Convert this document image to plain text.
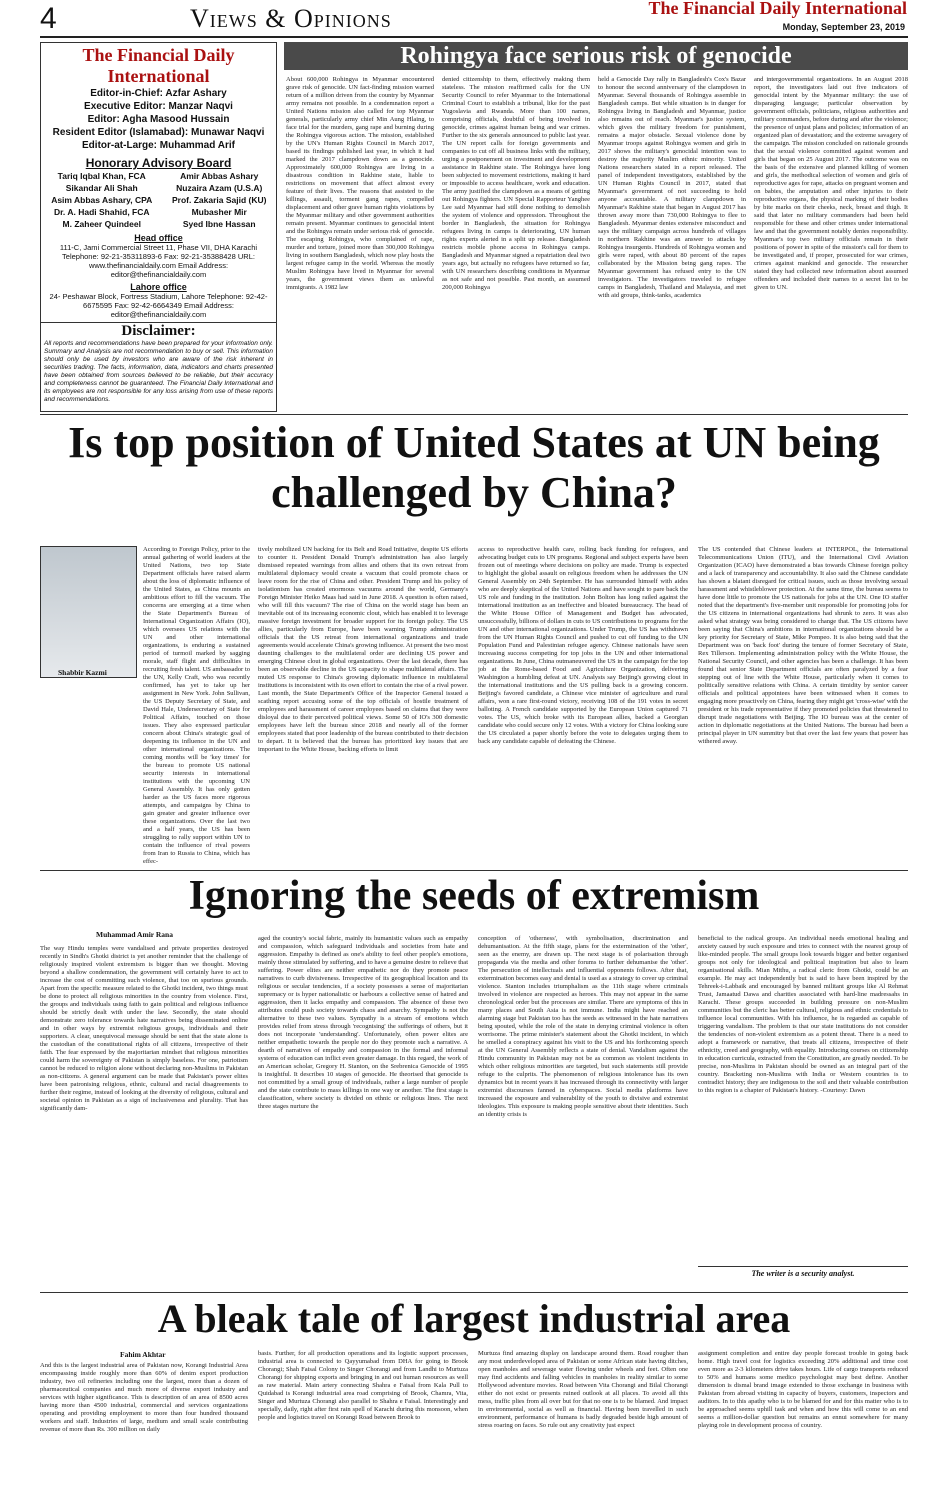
4	Views & Opinions	The Financial Daily International
Monday, September 23, 2019
The Financial Daily International
Editor-in-Chief: Azfar Ashary
Executive Editor: Manzar Naqvi
Editor: Agha Masood Hussain
Resident Editor (Islamabad): Munawar Naqvi
Editor-at-Large: Muhammad Arif
Honorary Advisory Board
Tariq Iqbal Khan, FCA	Amir Abbas Ashary
Sikandar Ali Shah	Nuzaira Azam (U.S.A)
Asim Abbas Ashary, CPA	Prof. Zakaria Sajid (KU)
Dr. A. Hadi Shahid, FCA	Mubasher Mir
M. Zaheer Quindeel	Syed Ibne Hassan
Head office
111-C, Jami Commercial Street 11, Phase VII, DHA Karachi Telephone: 92-21-35311893-6 Fax: 92-21-35388428 URL: www.thefinancialdaily.com Email Address: editor@thefinancialdaily.com
Lahore office
24- Peshawar Block, Fortress Stadium, Lahore Telephone: 92-42-6675595 Fax: 92-42-6664349 Email Address: editor@thefinancialdaily.com
Disclaimer:
All reports and recommendations have been prepared for your information only. Summary and Analysis are not recommendation to buy or sell. This information should only be used by investors who are aware of the risk inherent in securities trading. The facts, information, data, indicators and charts presented have been obtained from sources believed to be reliable, but their accuracy and completeness cannot be guaranteed. The Financial Daily International and its employees are not responsible for any loss arising from use of these reports and recommendations.
Rohingya face serious risk of genocide
About 600,000 Rohingya in Myanmar encountered grave risk of genocide. UN fact-finding mission warned return of a million driven from the country by Myanmar army remains not possible. In a condemnation report a United Nations mission also called for top Myanmar generals, particularly army chief Min Aung Hlaing, to face trial for the murders, gang rape and burning during the Rohingya vigorous action. The mission, established by the UN's Human Rights Council in March 2017, based its findings published last year, in which it had marked the 2017 clampdown down as a genocide. Approximately 600,000 Rohingya are living in a disastrous condition in Rakhine state, liable to restrictions on movement that affect almost every feature of their lives. The reasons that assisted to the killings, assault, torment gang rapes, compelled displacement and other grave human rights violations by the Myanmar military and other government authorities remain present. Myanmar continues to genocidal intent and the Rohingya remain under serious risk of genocide. The escaping Rohingya, who complained of rape, murder and torture, joined more than 300,000 Rohingya living in southern Bangladesh, which now play hosts the largest refugee camp in the world. Whereas the mostly Muslim Rohingya have lived in Myanmar for several years, the government views them as unlawful immigrants. A 1982 law
denied citizenship to them, effectively making them stateless. The mission reaffirmed calls for the UN Security Council to refer Myanmar to the International Criminal Court to establish a tribunal, like for the past Yugoslavia and Rwanda. More than 100 names, comprising officials, doubtful of being involved in genocide, crimes against human being and war crimes. Further to the six generals announced to public last year. The UN report calls for foreign governments and companies to cut off all business links with the military, urging a postponement on investment and development assistance in Rakhine state. The Rohingya have long been subjected to movement restrictions, making it hard or impossible to access healthcare, work and education. The army justified the clampdown as a means of getting out Rohingya fighters. UN Special Rapporteur Yanghee Lee said Myanmar had still done nothing to demolish the system of violence and oppression. Throughout the border in Bangladesh, the situation for Rohingya refugees living in camps is deteriorating, UN human rights experts alerted in a split up release. Bangladesh restricts mobile phone access in Rohingya camps. Bangladesh and Myanmar signed a repatriation deal two years ago, but actually no refugees have returned so far, with UN researchers describing conditions in Myanmar as not safe and not possible. Past month, an assumed 200,000 Rohingya
held a Genocide Day rally in Bangladesh's Cox's Bazar to honour the second anniversary of the clampdown in Myanmar. Several thousands of Rohingya assemble in Bangladesh camps. But while situation is in danger for Rohingya living in Bangladesh and Myanmar, justice also remains out of reach. Myanmar's justice system, which gives the military freedom for punishment, remains a major obstacle. Sexual violence done by Myanmar troops against Rohingya women and girls in 2017 shows the military's genocidal intention was to destroy the majority Muslim ethnic minority. United Nations researchers stated in a report released. The panel of independent investigators, established by the UN Human Rights Council in 2017, stated that Myanmar's government of not succeeding to hold anyone accountable. A military clampdown in Myanmar's Rakhine state that began in August 2017 has thrown away more than 730,000 Rohingya to flee to Bangladesh. Myanmar denies extensive misconduct and says the military campaign across hundreds of villages in northern Rakhine was an answer to attacks by Rohingya insurgents. Hundreds of Rohingya women and girls were raped, with about 80 percent of the rapes collaborated by the Mission being gang rapes. The Myanmar government has refused entry to the UN investigators. The investigators traveled to refugee camps in Bangladesh, Thailand and Malaysia, and met with aid groups, think-tanks, academics
and intergovernmental organizations. In an August 2018 report, the investigators laid out five indicators of genocidal intent by the Myanmar military: the use of disparaging language; particular observation by government officials, politicians, religious authorities and military commanders, before during and after the violence; the presence of unjust plans and policies; information of an organized plan of devastation; and the extreme savagery of the campaign. The mission concluded on rationale grounds that the sexual violence committed against women and girls that began on 25 August 2017. The outcome was on the basis of the extensive and planned killing of women and girls, the methodical selection of women and girls of reproductive ages for rape, attacks on pregnant women and on babies, the amputation and other injuries to their reproductive organs, the physical marking of their bodies by bite marks on their cheeks, neck, breast and thigh. It said that later no military commanders had been held responsible for these and other crimes under international law and that the government notably denies responsibility. Myanmar's top two military officials remain in their positions of power in spite of the mission's call for them to be investigated and, if proper, prosecuted for war crimes, crimes against mankind and genocide. The researcher stated they had collected new information about assumed offenders and included their names to a secret list to be given to UN.
Is top position of United States at UN being challenged by China?
Shabbir Kazmi
According to Foreign Policy, prior to the annual gathering of world leaders at the United Nations, two top State Department officials have raised alarm about the loss of diplomatic influence of the United States, as China mounts an ambitious effort to fill the vacuum. The concerns are emerging at a time when the State Department's Bureau of International Organization Affairs (IO), which oversees US relations with the UN and other international organizations, is enduring a sustained period of turmoil marked by sagging morale, staff flight and difficulties in recruiting fresh talent. US ambassador to the UN, Kelly Craft, who was recently confirmed, has yet to take up her assignment in New York. John Sullivan, the US Deputy Secretary of State, and David Hale, Undersecretary of State for Political Affairs, touched on those issues. They also expressed particular concern about China's strategic goal of deepening its influence in the UN and other international organizations. The coming months will be 'key times' for the bureau to promote US national security interests in international institutions with the upcoming UN General Assembly. It has only gotten harder as the US faces more rigorous attempts, and campaigns by China to gain greater and greater influence over these organizations. Over the last two and a half years, the US has been struggling to rally support within UN to contain the influence of rival powers from Iran to Russia to China, which has effec-
tively mobilized UN backing for its Belt and Road Initiative, despite US efforts to counter it. President Donald Trump's administration has also largely dismissed repeated warnings from allies and others that its own retreat from multilateral diplomacy would create a vacuum that could promote chaos or leave room for the rise of China and other. President Trump and his policy of isolationism has created enormous vacuums around the world, Germany's Foreign Minister Heiko Maas had said in June 2018. A question is often raised, who will fill this vacuum? The rise of China on the world stage has been an inevitable out of its increasing economic clout, which has enabled it to leverage massive foreign investment for broader support for its foreign policy. The US allies, particularly from Europe, have been warning Trump administration officials that the US retreat from international organizations and trade agreements would accelerate China's growing influence. At present the two most daunting challenges to the multilateral order are declining US power and emerging Chinese clout in global organizations. Over the last decade, there has been an observable decline in the US capacity to shape multilateral affairs. The muted US response to China's growing diplomatic influence in multilateral institutions is inconsistent with its own effort to contain the rise of a rival power. Last month, the State Department's Office of the Inspector General issued a scathing report accusing some of the top officials of hostile treatment of employees and harassment of career employees based on claims that they were disloyal due to their perceived political views. Some 50 of IO's 300 domestic employees have left the bureau since 2018 and nearly all of the former employees stated that poor leadership of the bureau contributed to their decision to depart. It is believed that the bureau has prioritized key issues that are important to the White House, backing efforts to limit
access to reproductive health care, rolling back funding for refugees, and advocating budget cuts to UN programs. Regional and subject experts have been frozen out of meetings where decisions on policy are made. Trump is expected to highlight the global assault on religious freedom when he addresses the UN General Assembly on 24th September. He has surrounded himself with aides who are deeply skeptical of the United Nations and have sought to pare back the US role and funding in the institution. John Bolton has long railed against the international institution as an ineffective and bloated bureaucracy. The head of the White House Office of Management and Budget has advocated, unsuccessfully, billions of dollars in cuts to US contributions to programs for the UN and other international organizations. Under Trump, the US has withdrawn from the UN Human Rights Council and pushed to cut off funding to the UN Population Fund and Palestinian refugee agency. Chinese nationals have seen increasing success competing for top jobs in the UN and other international organizations. In June, China outmaneuvered the US in the campaign for the top job at the Rome-based Food and Agriculture Organization, delivering Washington a humbling defeat at UN. Analysts say Beijing's growing clout in the international institutions and the US pulling back is a growing concern. Beijing's favored candidate, a Chinese vice minister of agriculture and rural affairs, won a rare first-round victory, receiving 108 of the 191 votes in secret balloting. A French candidate supported by the European Union captured 71 votes. The US, which broke with its European allies, backed a Georgian candidate who could secure only 12 votes. With a victory for China looking sure the US circulated a paper shortly before the vote to delegates urging them to back any candidate capable of defeating the Chinese.
The US contended that Chinese leaders at INTERPOL, the International Telecommunications Union (ITU), and the International Civil Aviation Organization (ICAO) have demonstrated a bias towards Chinese foreign policy and a lack of transparency and accountability. It also said the Chinese candidate has shown a blatant disregard for critical issues, such as those involving sexual harassment and whistleblower protection. At the same time, the bureau seems to have done little to promote the US nationals for jobs at the UN. One IO staffer noted that the department's five-member unit responsible for promoting jobs for the US citizens in international organizations had shrunk to zero. It was also asked what strategy was being considered to change that. The US citizens have been saying that China's ambitions in international organizations should be a key priority for Secretary of State, Mike Pompeo. It is also being said that the Department was on 'back foot' during the tenure of former Secretary of State, Rex Tillerson. Implementing administration policy with the White House, the National Security Council, and other agencies has been a challenge. It has been found that senior State Department officials are often paralyzed by a fear stepping out of line with the White House, particularly when it comes to politically sensitive relations with China. A certain timidity by senior career officials and political appointees have been witnessed when it comes to engaging more proactively on China, fearing they might get 'cross-wise' with the president or his trade representative if they promoted policies that threatened to disrupt trade negotiations with Beijing. The IO bureau was at the center of action in diplomatic negotiations at the United Nations. The bureau had been a principal player in UN summitry but that over the last few years that power has withered away.
Ignoring the seeds of extremism
Muhammad Amir Rana
The way Hindu temples were vandalised and private properties destroyed recently in Sindh's Ghotki district is yet another reminder that the challenge of religiously inspired violent extremism is bigger than we thought. Moving beyond a shallow condemnation, the government will certainly have to act to increase the cost of committing such violence, that too on spurious grounds. Apart from the specific measure related to the Ghotki incident, two things must be done to protect all religious minorities in the country from violence. First, the groups and individuals using faith to gain political and religious influence should be strictly dealt with under the law. Secondly, the state should demonstrate zero tolerance towards hate narratives being disseminated online and in other ways by extremist religious groups, individuals and their supporters. A clear, unequivocal message should be sent that the state alone is the custodian of the constitutional rights of all citizens, irrespective of their faith. The fear expressed by the majoritarian mindset that religious minorities could harm the sovereignty of Pakistan is simply baseless. For one, patriotism cannot be reduced to religion alone without declaring non-Muslims in Pakistan as non-citizens. A general argument can be made that Pakistan's power elites have been patronising religious, ethnic, cultural and racial disagreements to further their regime, instead of looking at the diversity of religious, cultural and societal opinion in Pakistan as a sign of inclusiveness and plurality. That has significantly dam-
aged the country's social fabric, mainly its humanistic values such as empathy and compassion, which safeguard individuals and societies from hate and aggression. Empathy is defined as one's ability to feel other people's emotions, mainly those stimulated by suffering, and to have a genuine desire to relieve that suffering. Power elites are neither empathetic nor do they promote peace narratives to curb divisiveness. Irrespective of its geographical location and its religious or secular tendencies, if a society possesses a sense of majoritarian supremacy or is hyper nationalistic or harbours a collective sense of hatred and aggression, then it lacks empathy and compassion. The absence of these two attributes could push society towards chaos and anarchy. Sympathy is not the alternative to these two values. Sympathy is a stream of emotions which provides relief from stress through 'recognising' the sufferings of others, but it does not incorporate 'understanding'. Unfortunately, often power elites are neither empathetic towards the people nor do they promote such a narrative. A dearth of narratives of empathy and compassion in the formal and informal systems of education can inflict even greater damage. In this regard, the work of an American scholar, Gregory H. Stanton, on the Srebrenica Genocide of 1995 is insightful. It describes 10 stages of genocide. He theorised that genocide is not committed by a small group of individuals, rather a large number of people and the state contribute to mass killings in one way or another. The first stage is classification, where society is divided on ethnic or religious lines. The next three stages nurture the
conception of 'otherness', with symbolisation, discrimination and dehumanisation. At the fifth stage, plans for the extermination of the 'other', seen as the enemy, are drawn up. The next stage is of polarisation through propaganda via the media and other forums to further dehumanise the 'other'. The persecution of intellectuals and influential opponents follows. After that, extermination becomes easy and denial is used as a strategy to cover up criminal violence. Stanton includes triumphalism as the 11th stage where criminals involved in violence are respected as heroes. This may not appear in the same chronological order but the processes are similar. There are symptoms of this in many places and South Asia is not immune. India might have reached an alarming stage but Pakistan too has the seeds as witnessed in the hate narratives being spouted, while the role of the state in denying criminal violence is often worrisome. The prime minister's statement about the Ghotki incident, in which he smelled a conspiracy against his visit to the US and his forthcoming speech at the UN General Assembly reflects a state of denial. Vandalism against the Hindu community in Pakistan may not be as common as violent incidents in which other religious minorities are targeted, but such statements still provide refuge to the culprits. The phenomenon of religious intolerance has its own dynamics but in recent years it has increased through its connectivity with larger extremist discourses fanned in cyberspaces. Social media platforms have increased the exposure and vulnerability of the youth to divisive and extremist ideologies. This exposure is making people sensitive about their identities. Such an identity crisis is
beneficial to the radical groups. An individual needs emotional healing and anxiety caused by such exposure and tries to connect with the nearest group of like-minded people. The small groups look towards bigger and better organised groups not only for ideological and political inspiration but also to learn organisational skills. Mian Mithu, a radical cleric from Ghotki, could be an example. He may act independently but is said to have been inspired by the Tehreek-i-Labbaik and encouraged by banned militant groups like Al Rehmat Trust, Jamaatud Dawa and charities associated with hard-line madressahs in Karachi. These groups succeeded in building pressure on non-Muslim communities but the cleric has better cultural, religious and ethnic credentials to influence local communities. With his influence, he is regarded as capable of triggering vandalism. The problem is that our state institutions do not consider the tendencies of non-violent extremism as a potent threat. There is a need to adopt a framework or narrative, that treats all citizens, irrespective of their ethnicity, creed and geography, with equality. Introducing courses on citizenship in education curricula, extracted from the Constitution, are greatly needed. To be precise, non-Muslims in Pakistan should be owned as an integral part of the country. Bracketing non-Muslims with India or Western countries is to contradict history; they are indigenous to the soil and their valuable contribution to this region is a chapter of Pakistan's history. -Courtesy: Dawn
The writer is a security analyst.
A bleak tale of largest industrial area
Fahim Akhtar
And this is the largest industrial area of Pakistan now, Korangi Industrial Area encompassing inside roughly more than 60% of denim export production industry, two oil refineries including one the largest, more than a dozen of pharmaceutical companies and much more of diverse export industry and services with higher significance. This is description of an area of 8500 acres having more than 4500 industrial, commercial and services organizations operating and providing employment to more than four hundred thousand workers and staff. Industries of large, medium and small scale contributing revenue of more than Rs. 300 million on daily
basis. Further, for all production operations and its logistic support processes, industrial area is connected to Qayyumabad from DHA for going to Brook Chorangi; Shah Faisal Colony to Singer Chorangi and from Landhi to Murtuza Chorangi for shipping exports and bringing in and out human resources as well as raw material. Main artery connecting Shahra e Faisal from Kala Pull to Quidabad is Korangi industrial area road comprising of Brook, Chamra, Vita, Singer and Murtuza Chorangi also parallel to Shahra e Faisal. Interestingly and specially, daily, right after first rain spell of Karachi during this monsoon, when people and logistics travel on Korangi Road between Brook to
Murtuza find amazing display on landscape around them. Road rougher than any most underdeveloped area of Pakistan or some African state having ditches, open manholes and sewerage water flowing under wheels and feet. Often one may find accidents and falling vehicles in manholes in reality similar to some Hollywood adventure movies. Road between Vita Chorangi and Bilal Chorangi either do not exist or presents ruined outlook at all places. To avoid all this mess, traffic plies from all over but for that no one is to be blamed. And impact in environmental, social as well as financial. Having been travelled in such environment, performance of humans is badly degraded beside high amount of stress roaring on faces. So rule out any creativity just expect
assignment completion and entire day people forecast trouble in going back home. High travel cost for logistics exceeding 20% additional and time cost even more as 2-3 kilometers drive takes hours. Life of cargo transports reduced to 50% and humans some medico psychologist may best define. Another dimension is dismal brand image extended to those exchange in business with Pakistan from abroad visiting in capacity of buyers, customers, inspectors and auditors. In to this apathy who is to be blamed for and for this matter who is to be approached seems uphill task and when and how this will come to an end seems a million-dollar question but remains an ennui somewhere for many playing role in development process of country.
